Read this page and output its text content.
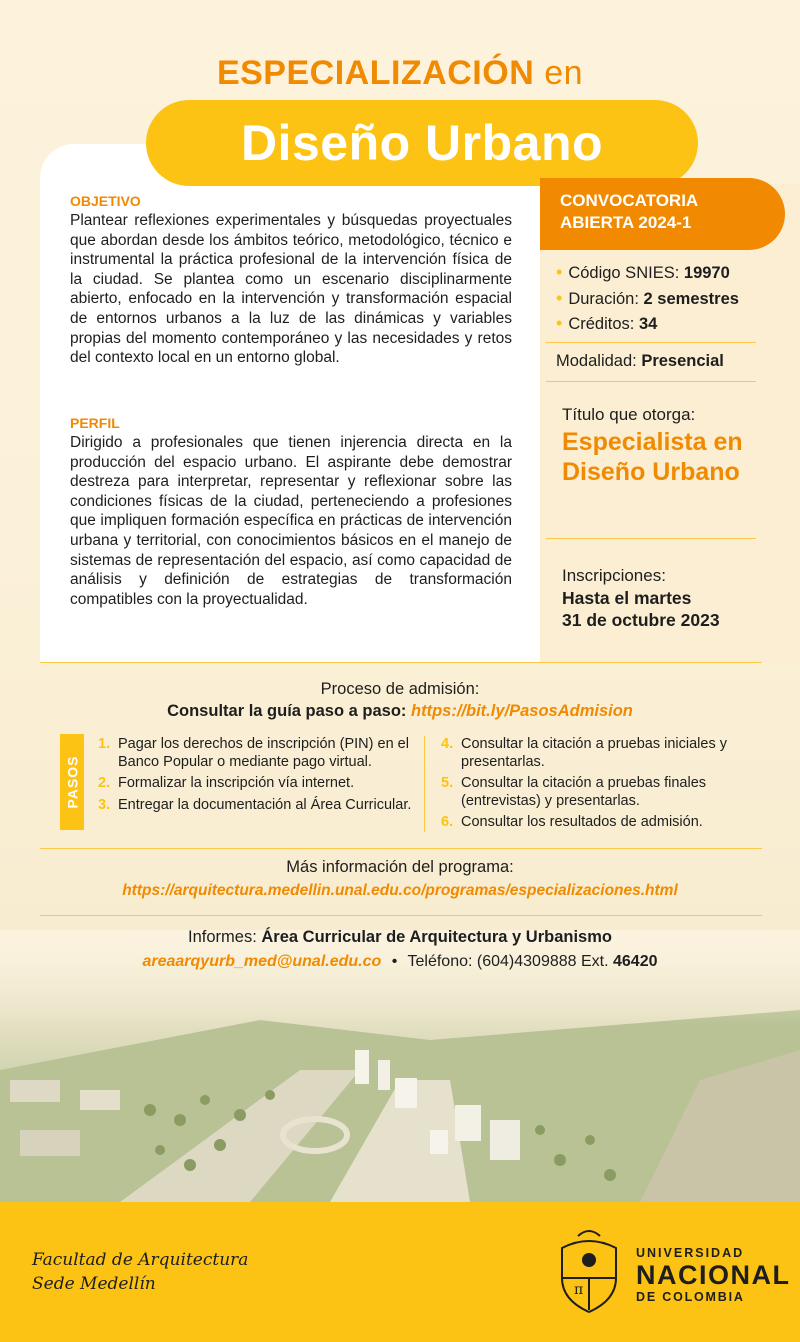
ESPECIALIZACIÓN en
Diseño Urbano
OBJETIVO
Plantear reflexiones experimentales y búsquedas proyectuales que abordan desde los ámbitos teórico, metodológico, técnico e instrumental la práctica profesional de la intervención física de la ciudad. Se plantea como un escenario disciplinarmente abierto, enfocado en la intervención y transformación espacial de entornos urbanos a la luz de las dinámicas y variables propias del momento contemporáneo y las necesidades y retos del contexto local en un entorno global.
PERFIL
Dirigido a profesionales que tienen injerencia directa en la producción del espacio urbano. El aspirante debe demostrar destreza para interpretar, representar y reflexionar sobre las condiciones físicas de la ciudad, perteneciendo a profesiones que impliquen formación específica en prácticas de intervención urbana y territorial, con conocimientos básicos en el manejo de sistemas de representación del espacio, así como capacidad de análisis y definición de estrategias de transformación compatibles con la proyectualidad.
CONVOCATORIA
ABIERTA 2024-1
• Código SNIES: 19970
• Duración: 2 semestres
• Créditos: 34
Modalidad: Presencial
Título que otorga:
Especialista en Diseño Urbano
Inscripciones:
Hasta el martes
31 de octubre 2023
Proceso de admisión:
Consultar la guía paso a paso: https://bit.ly/PasosAdmision
PASOS
1. Pagar los derechos de inscripción (PIN) en el Banco Popular o mediante pago virtual.
2. Formalizar la inscripción vía internet.
3. Entregar la documentación al Área Curricular.
4. Consultar la citación a pruebas iniciales y presentarlas.
5. Consultar la citación a pruebas finales (entrevistas) y presentarlas.
6. Consultar los resultados de admisión.
Más información del programa:
https://arquitectura.medellin.unal.edu.co/programas/especializaciones.html
Informes: Área Curricular de Arquitectura y Urbanismo
areaarqyurb_med@unal.edu.co • Teléfono: (604)4309888 Ext. 46420
Facultad de Arquitectura
Sede Medellín	π
UNIVERSIDAD
NACIONAL
DE COLOMBIA
